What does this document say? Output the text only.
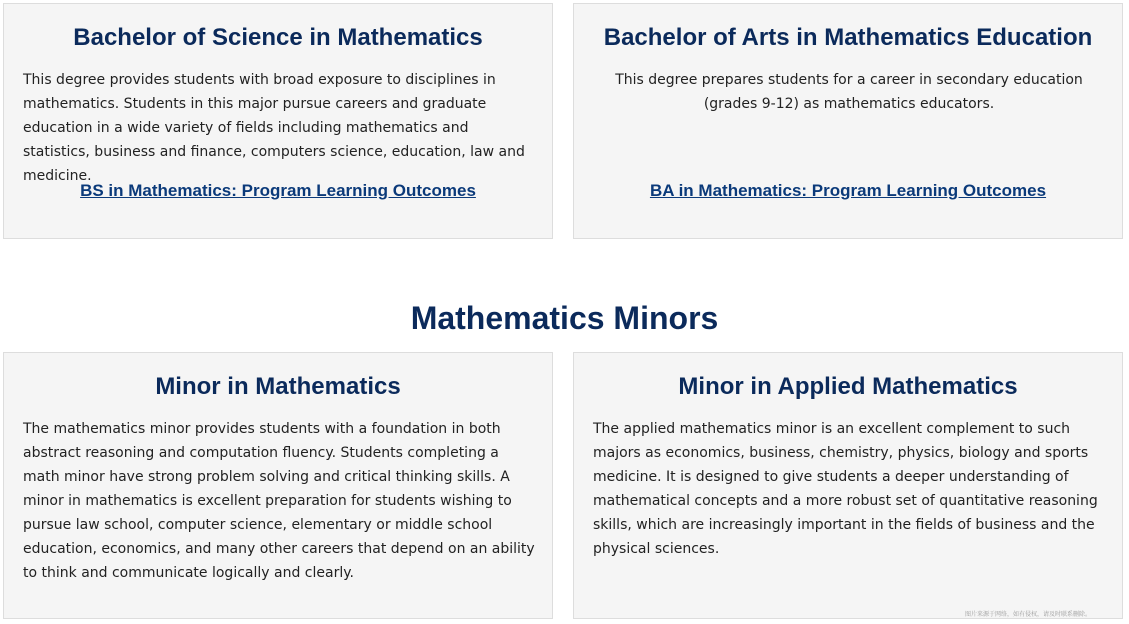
Bachelor of Science in Mathematics

This degree provides students with broad exposure to disciplines in mathematics. Students in this major pursue careers and graduate education in a wide variety of fields including mathematics and statistics, business and finance, computers science, education, law and medicine.

BS in Mathematics: Program Learning Outcomes
Bachelor of Arts in Mathematics Education

This degree prepares students for a career in secondary education (grades 9-12) as mathematics educators.

BA in Mathematics: Program Learning Outcomes
Mathematics Minors
Minor in Mathematics

The mathematics minor provides students with a foundation in both abstract reasoning and computation fluency. Students completing a math minor have strong problem solving and critical thinking skills. A minor in mathematics is excellent preparation for students wishing to pursue law school, computer science, elementary or middle school education, economics, and many other careers that depend on an ability to think and communicate logically and clearly.

Minor in Applied Mathematics

The applied mathematics minor is an excellent complement to such majors as economics, business, chemistry, physics, biology and sports medicine. It is designed to give students a deeper understanding of mathematical concepts and a more robust set of quantitative reasoning skills, which are increasingly important in the fields of business and the physical sciences.

图片来源于网络，如有侵权，请及时联系删除。
